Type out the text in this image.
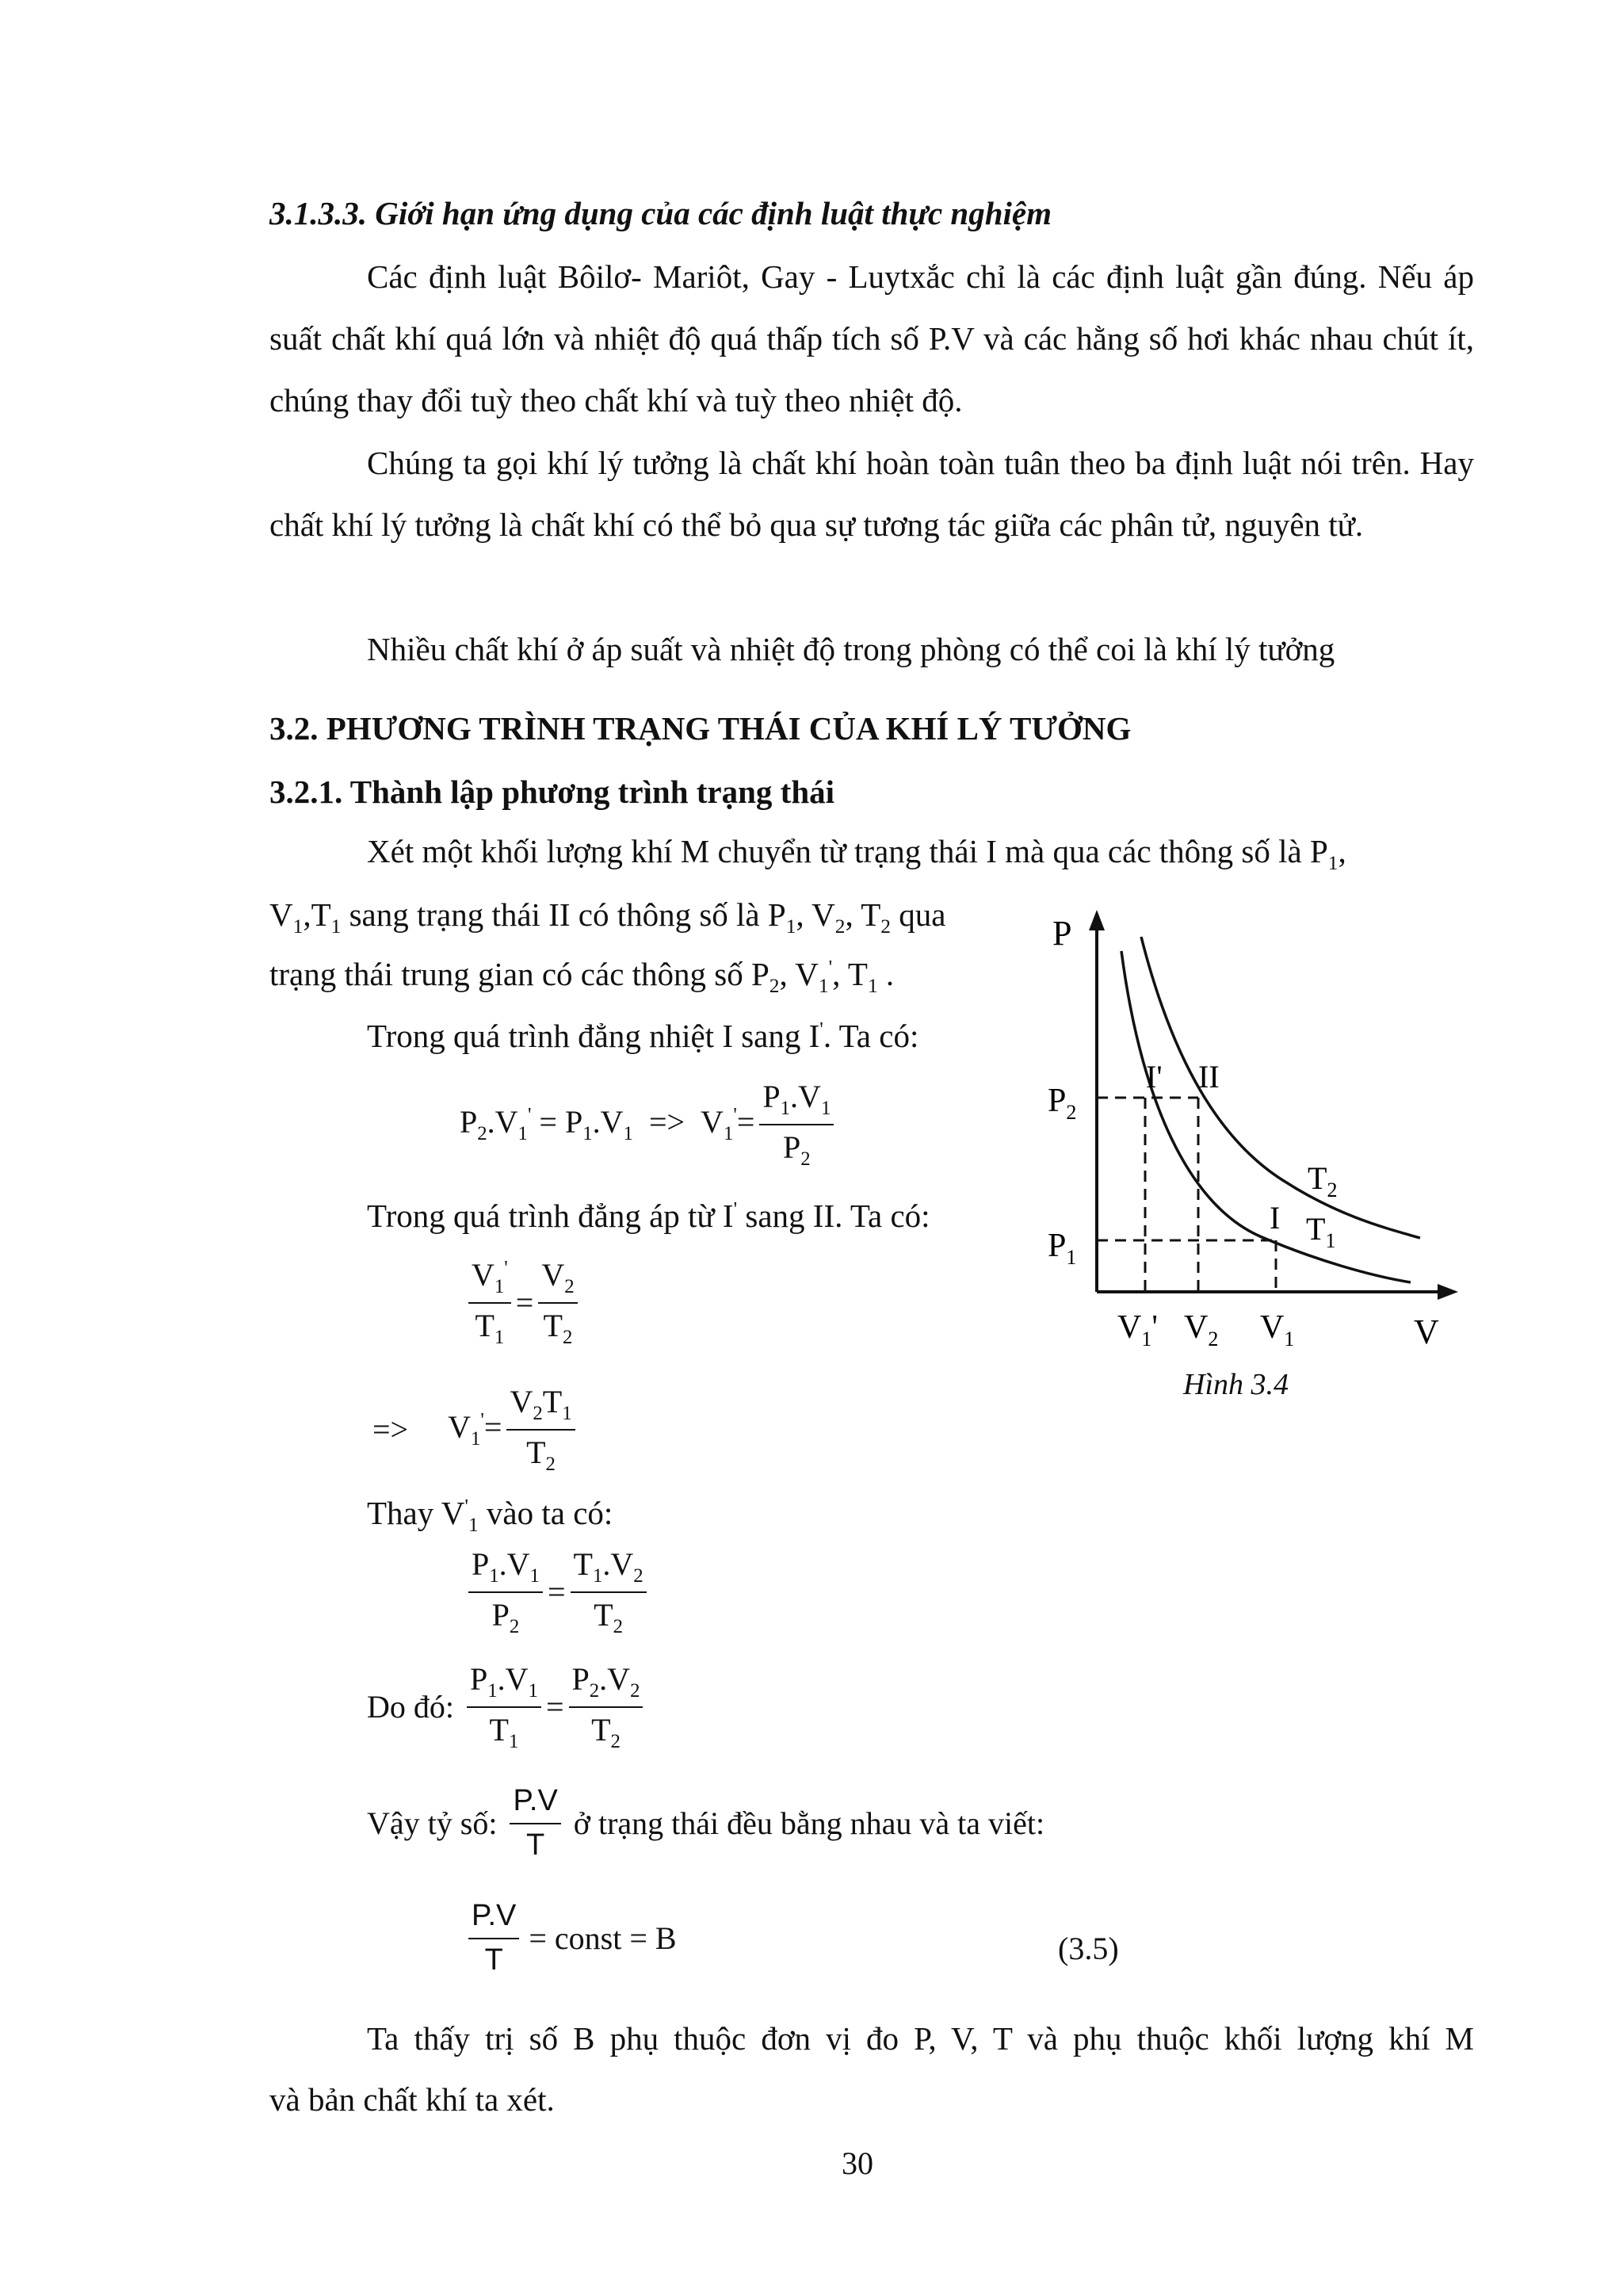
3.1.3.3. Giới hạn ứng dụng của các định luật thực nghiệm
Các định luật Bôilơ- Mariôt, Gay - Luytxắc chỉ là các định luật gần đúng. Nếu áp suất chất khí quá lớn và nhiệt độ quá thấp tích số P.V và các hằng số hơi khác nhau chút ít, chúng thay đổi tuỳ theo chất khí và tuỳ theo nhiệt độ.
Chúng ta gọi khí lý tưởng là chất khí hoàn toàn tuân theo ba định luật nói trên. Hay chất khí lý tưởng là chất khí có thể bỏ qua sự tương tác giữa các phân tử, nguyên tử.
Nhiều chất khí ở áp suất và nhiệt độ trong phòng có thể coi là khí lý tưởng
3.2. PHƯƠNG TRÌNH TRẠNG THÁI CỦA KHÍ LÝ TƯỞNG
3.2.1. Thành lập phương trình trạng thái
Xét một khối lượng khí M chuyển từ trạng thái I mà qua các thông số là $P_1$,
$V_1,T_1$ sang trạng thái II có thông số là $P_1$, $V_2$, $T_2$ qua
trạng thái trung gian có các thông số $P_2$, $V_1'$, $T_1$ .
Trong quá trình đẳng nhiệt I sang I'. Ta có:
$P_2.V_1' = P_1.V_1 => V_1'= \frac{P_1.V_1}{P_2}$
Trong quá trình đẳng áp từ I' sang II. Ta có:
$\frac{V_1'}{T_1} = \frac{V_2}{T_2}$
=> $V_1'= \frac{V_2T_1}{T_2}$
Thay $V'_1$ vào ta có:
$\frac{P_1.V_1}{P_2} = \frac{T_1.V_2}{T_2}$
Do đó: $\frac{P_1.V_1}{T_1} = \frac{P_2.V_2}{T_2}$
Vậy tỷ số: $\frac{P.V}{T}$ ở trạng thái đều bằng nhau và ta viết:
$\frac{P.V}{T}$ = const = B	(3.5)
Ta thấy trị số B phụ thuộc đơn vị đo P, V, T và phụ thuộc khối lượng khí M
và bản chất khí ta xét.
P
V
$P_2$
$P_1$
$V_1'$ $V_2$ $V_1$
I' II
I
$T_2$
$T_1$
Hình 3.4
30
